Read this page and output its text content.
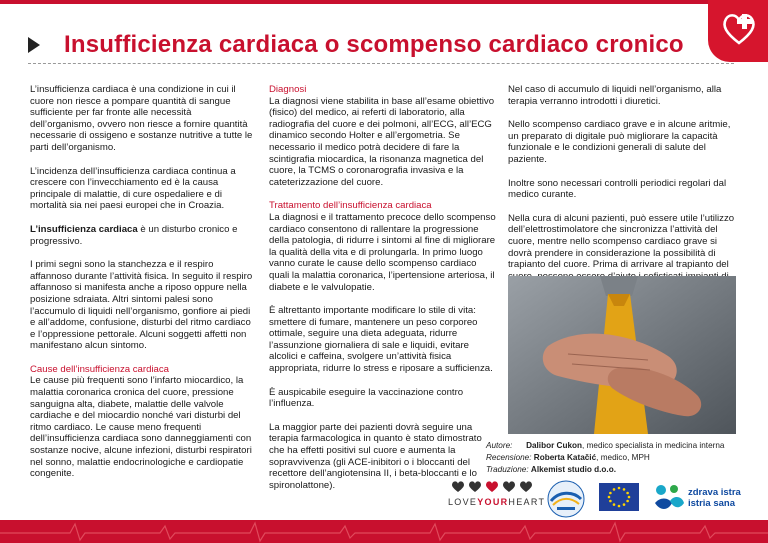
Insufficienza cardiaca o scompenso cardiaco cronico

L’insufficienza cardiaca è una condizione in cui il cuore non riesce a pompare quantità di sangue sufficiente per far fronte alle necessità dell’organismo, ovvero non riesce a fornire quantità necessarie di ossigeno e sostanze nutritive a tutte le parti dell’organismo.

L’incidenza dell’insufficienza cardiaca continua a crescere con l’invecchiamento ed è la causa principale di malattie, di cure ospedaliere e di mortalità sia nei paesi europei che in Croazia.

L’insufficienza cardiaca è un disturbo cronico e progressivo.

I primi segni sono la stanchezza e il respiro affannoso durante l’attività fisica. In seguito il respiro affannoso si manifesta anche a riposo oppure nella posizione sdraiata. Altri sintomi palesi sono l’accumulo di liquidi nell’organismo, gonfiore ai piedi e all’addome, confusione, disturbi del ritmo cardiaco e l’oppressione pettorale. Alcuni soggetti affetti non manifestano alcun sintomo.

Cause dell’insufficienza cardiaca
Le cause più frequenti sono l’infarto miocardico, la malattia coronarica cronica del cuore, pressione sanguigna alta, diabete, malattie delle valvole cardiache e del miocardio nonché vari disturbi del ritmo cardiaco. Le cause meno frequenti dell’insufficienza cardiaca sono danneggiamenti con sostanze nocive, alcune infezioni, disturbi respiratori nel sonno, malattie endocrinologiche e cardiopatie congenite.

Diagnosi
La diagnosi viene stabilita in base all’esame obiettivo (fisico) del medico, ai referti di laboratorio, alla radiografia del cuore e dei polmoni, all’ECG, all’ECG dinamico secondo Holter e all’ergometria. Se necessario il medico potrà decidere di fare la scintigrafia miocardica, la risonanza magnetica del cuore, la TCMS o coronarografia invasiva e la cateterizzazione del cuore.

Trattamento dell’insufficienza cardiaca
La diagnosi e il trattamento precoce dello scompenso cardiaco consentono di rallentare la progressione della patologia, di ridurre i sintomi al fine di migliorare la qualità della vita e di prolungarla. In primo luogo vanno curate le cause dello scompenso cardiaco quali la malattia coronarica, l’ipertensione arteriosa, il diabete e le valvulopatie.

È altrettanto importante modificare lo stile di vita: smettere di fumare, mantenere un peso corporeo ottimale, seguire una dieta adeguata, ridurre l’assunzione giornaliera di sale e liquidi, evitare alcolici e caffeina, svolgere un’attività fisica appropriata, ridurre lo stress e riposare a sufficienza.

È auspicabile eseguire la vaccinazione contro l’influenza.

La maggior parte dei pazienti dovrà seguire una terapia farmacologica in quanto è stato dimostrato che ha effetti positivi sul cuore e aumenta la sopravvivenza (gli ACE-inibitori o i bloccanti del recettore dell’angiotensina II, i beta-bloccanti e lo spironolattone).

Nel caso di accumulo di liquidi nell’organismo, alla terapia verranno introdotti i diuretici.

Nello scompenso cardiaco grave e in alcune aritmie, un preparato di digitale può migliorare la capacità funzionale e le condizioni generali di salute del paziente.

Inoltre sono necessari controlli periodici regolari dal medico curante.

Nella cura di alcuni pazienti, può essere utile l’utilizzo dell’elettrostimolatore che sincronizza l’attività del cuore, mentre nello scompenso cardiaco grave si dovrà prendere in considerazione la possibilità di trapianto del cuore. Prima di arrivare al trapianto del

Autore: Dalibor Cukon, medico specialista in medicina interna
Recensione: Roberta Katačić, medico, MPH
Traduzione: Alkemist studio d.o.o.
LOVEYOURHEART
zdrava istra
istria sana
